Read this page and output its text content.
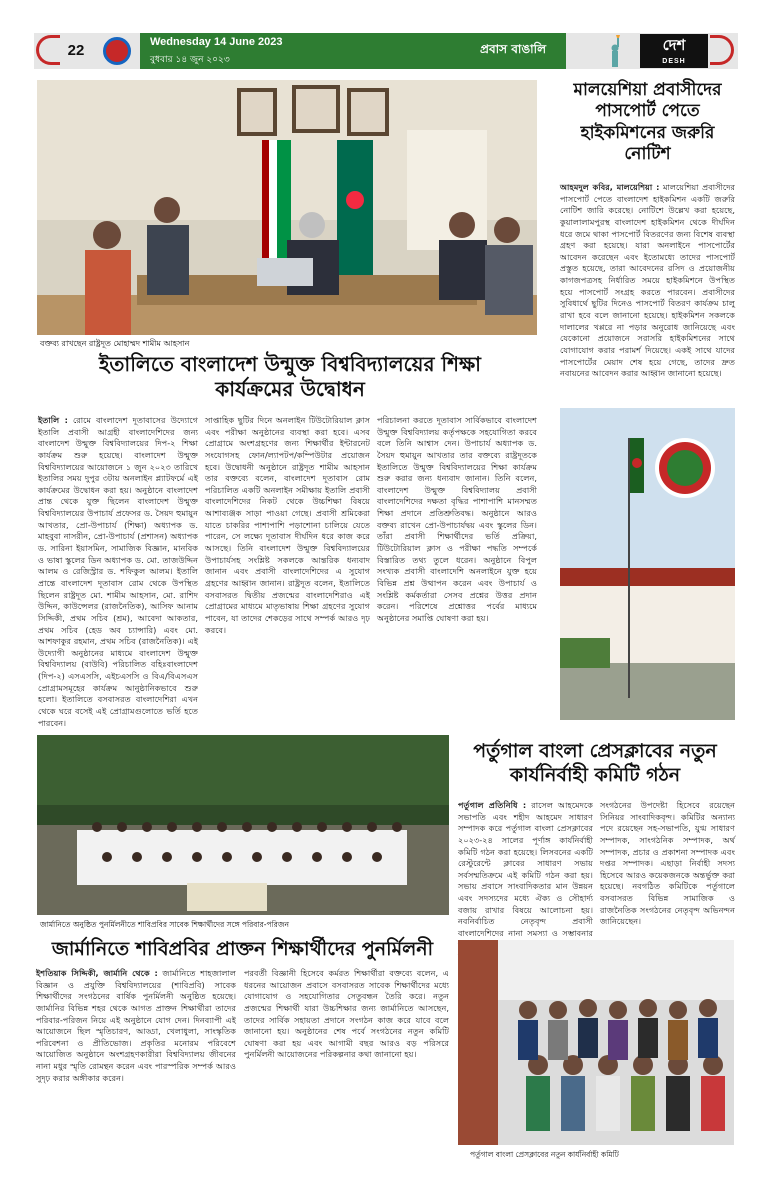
22	Wednesday 14 June 2023
বুধবার ১৪ জুন ২০২৩
প্রবাস বাঙালি	দেশ
DESH
বক্তব্য রাখছেন রাষ্ট্রদূত মোহাম্মদ শামীম আহসান
ইতালিতে বাংলাদেশ উন্মুক্ত বিশ্ববিদ্যালয়ের শিক্ষা কার্যক্রমের উদ্বোধন
ইতালি : রোমে বাংলাদেশ দূতাবাসের উদ্যোগে ইতালি প্রবাসী আগ্রহী বাংলাদেশিদের জন্য বাংলাদেশ উন্মুক্ত বিশ্ববিদ্যালয়ের দিপ-২ শিক্ষা কার্যক্রম শুরু হয়েছে। বাংলাদেশ উন্মুক্ত বিশ্ববিদ্যালয়ের আয়োজনে ১ জুন ২০২৩ তারিখে ইতালির সময় দুপুর ৩টায় অনলাইন প্ল্যাটফর্মে এই কার্যক্রমের উদ্বোধন করা হয়। অনুষ্ঠানে বাংলাদেশ প্রান্ত থেকে যুক্ত ছিলেন বাংলাদেশ উন্মুক্ত বিশ্ববিদ্যালয়ের উপাচার্য প্রফেসর ড. সৈয়দ হুমায়ুন আখতার, প্রো-উপাচার্য (শিক্ষা) অধ্যাপক ড. মাহবুবা নাসরীন, প্রো-উপাচার্য (প্রশাসন) অধ্যাপক ড. সারিনা ইয়াসমিন, সামাজিক বিজ্ঞান, মানবিক ও ভাষা স্কুলের ডিন অধ্যাপক ড. মো. তাজউদ্দিন আলম ও রেজিস্ট্রার ড. শফিকুল আলম। ইতালি প্রান্তে বাংলাদেশ দূতাবাস রোম থেকে উপস্থিত ছিলেন রাষ্ট্রদূত মো. শামীম আহসান, মো. রাশিদ উদ্দিন, কাউন্সেলর (রাজনৈতিক), আসিফ আনাম সিদ্দিকী, প্রথম সচিব (শ্রম), আবেদা আকতার, প্রথম সচিব (হেড অব চ্যান্সারি) এবং মো. আশফাকুর রহমান, প্রথম সচিব (রাজনৈতিক)। এই উদ্যোগী অনুষ্ঠানের মাধ্যমে বাংলাদেশ উন্মুক্ত বিশ্ববিদ্যালয় (বাউবি) পরিচালিত বহিঃবাংলাদেশ (দিপ-২) এসএসসি, এইচএসসি ও বিএ/বিএসএস প্রোগ্রামসমূহের কার্যক্রম আনুষ্ঠানিকভাবে শুরু হলো। ইতালিতে বসবাসরত বাংলাদেশিরা এখন থেকে ঘরে বসেই এই প্রোগ্রামগুলোতে ভর্তি হতে পারবেন।
সাপ্তাহিক ছুটির দিনে অনলাইন টিউটোরিয়াল ক্লাস এবং পরীক্ষা অনুষ্ঠানের ব্যবস্থা করা হবে। এসব প্রোগ্রামে অংশগ্রহণের জন্য শিক্ষার্থীর ইন্টারনেট সংযোগসহ ফোন/ল্যাপটপ/কম্পিউটার প্রয়োজন হবে। উদ্বোধনী অনুষ্ঠানে রাষ্ট্রদূত শামীম আহসান তার বক্তব্যে বলেন, বাংলাদেশ দূতাবাস রোম পরিচালিত একটি অনলাইন সমীক্ষায় ইতালি প্রবাসী বাংলাদেশিদের নিকট থেকে উচ্চশিক্ষা বিষয়ে আশাব্যঞ্জক সাড়া পাওয়া গেছে। প্রবাসী শ্রমিকেরা যাতে চাকরির পাশাপাশি পড়াশোনা চালিয়ে যেতে পারেন, সে লক্ষ্যে দূতাবাস দীর্ঘদিন ধরে কাজ করে আসছে। তিনি বাংলাদেশ উন্মুক্ত বিশ্ববিদ্যালয়ের উপাচার্যসহ সংশ্লিষ্ট সকলকে আন্তরিক ধন্যবাদ জানান এবং প্রবাসী বাংলাদেশিদের এ সুযোগ গ্রহণের আহ্বান জানান। রাষ্ট্রদূত বলেন, ইতালিতে বসবাসরত দ্বিতীয় প্রজন্মের বাংলাদেশিরাও এই প্রোগ্রামের মাধ্যমে মাতৃভাষায় শিক্ষা গ্রহণের সুযোগ পাবেন, যা তাদের শেকড়ের সাথে সম্পর্ক আরও দৃঢ় করবে।
পরিচালনা করতে দূতাবাস সার্বিকভাবে বাংলাদেশ উন্মুক্ত বিশ্ববিদ্যালয় কর্তৃপক্ষকে সহযোগিতা করবে বলে তিনি আশ্বাস দেন। উপাচার্য অধ্যাপক ড. সৈয়দ হুমায়ুন আখতার তার বক্তব্যে রাষ্ট্রদূতকে ইতালিতে উন্মুক্ত বিশ্ববিদ্যালয়ের শিক্ষা কার্যক্রম শুরু করার জন্য ধন্যবাদ জানান। তিনি বলেন, বাংলাদেশ উন্মুক্ত বিশ্ববিদ্যালয় প্রবাসী বাংলাদেশিদের দক্ষতা বৃদ্ধির পাশাপাশি মানসম্মত শিক্ষা প্রদানে প্রতিশ্রুতিবদ্ধ। অনুষ্ঠানে আরও বক্তব্য রাখেন প্রো-উপাচার্যদ্বয় এবং স্কুলের ডিন। তাঁরা প্রবাসী শিক্ষার্থীদের ভর্তি প্রক্রিয়া, টিউটোরিয়াল ক্লাস ও পরীক্ষা পদ্ধতি সম্পর্কে বিস্তারিত তথ্য তুলে ধরেন। অনুষ্ঠানে বিপুল সংখ্যক প্রবাসী বাংলাদেশি অনলাইনে যুক্ত হয়ে বিভিন্ন প্রশ্ন উত্থাপন করেন এবং উপাচার্য ও সংশ্লিষ্ট কর্মকর্তারা সেসব প্রশ্নের উত্তর প্রদান করেন। পরিশেষে প্রশ্নোত্তর পর্বের মাধ্যমে অনুষ্ঠানের সমাপ্তি ঘোষণা করা হয়।
মালয়েশিয়া প্রবাসীদের পাসপোর্ট পেতে হাইকমিশনের জরুরি নোটিশ
আহমদুল কবির, মালয়েশিয়া : মালয়েশিয়া প্রবাসীদের পাসপোর্ট পেতে বাংলাদেশ হাইকমিশন একটি জরুরি নোটিশ জারি করেছে। নোটিশে উল্লেখ করা হয়েছে, কুয়ালালামপুরস্থ বাংলাদেশ হাইকমিশন থেকে দীর্ঘদিন ধরে জমে থাকা পাসপোর্ট বিতরণের জন্য বিশেষ ব্যবস্থা গ্রহণ করা হয়েছে। যারা অনলাইনে পাসপোর্টের আবেদন করেছেন এবং ইতোমধ্যে তাদের পাসপোর্ট প্রস্তুত হয়েছে, তারা আবেদনের রসিদ ও প্রয়োজনীয় কাগজপত্রসহ নির্ধারিত সময়ে হাইকমিশনে উপস্থিত হয়ে পাসপোর্ট সংগ্রহ করতে পারবেন। প্রবাসীদের সুবিধার্থে ছুটির দিনেও পাসপোর্ট বিতরণ কার্যক্রম চালু রাখা হবে বলে জানানো হয়েছে। হাইকমিশন সকলকে দালালের খপ্পরে না পড়ার অনুরোধ জানিয়েছে এবং যেকোনো প্রয়োজনে সরাসরি হাইকমিশনের সাথে যোগাযোগ করার পরামর্শ দিয়েছে। একই সাথে যাদের পাসপোর্টের মেয়াদ শেষ হয়ে গেছে, তাদের দ্রুত নবায়নের আবেদন করার আহ্বান জানানো হয়েছে।
জার্মানিতে অনুষ্ঠিত পুনর্মিলনীতে শাবিপ্রবির সাবেক শিক্ষার্থীদের সঙ্গে পরিবার-পরিজন
পর্তুগাল বাংলা প্রেসক্লাবের নতুন কার্যনির্বাহী কমিটি গঠন
পর্তুগাল প্রতিনিধি : রাসেল আহমেদকে সভাপতি এবং শহীদ আহমেদ সাধারণ সম্পাদক করে পর্তুগাল বাংলা প্রেসক্লাবের ২০২৩-২৪ সালের পূর্ণাঙ্গ কার্যনির্বাহী কমিটি গঠন করা হয়েছে। লিসবনের একটি রেস্টুরেন্টে ক্লাবের সাধারণ সভায় সর্বসম্মতিক্রমে এই কমিটি গঠন করা হয়। সভায় প্রবাসে সাংবাদিকতার মান উন্নয়ন এবং সদস্যদের মধ্যে ঐক্য ও সৌহার্দ্য বজায় রাখার বিষয়ে আলোচনা হয়। নবনির্বাচিত নেতৃবৃন্দ প্রবাসী বাংলাদেশিদের নানা সমস্যা ও সম্ভাবনার
সংগঠনের উপদেষ্টা হিসেবে রয়েছেন সিনিয়র সাংবাদিকবৃন্দ। কমিটির অন্যান্য পদে রয়েছেন সহ-সভাপতি, যুগ্ম সাধারণ সম্পাদক, সাংগঠনিক সম্পাদক, অর্থ সম্পাদক, প্রচার ও প্রকাশনা সম্পাদক এবং দপ্তর সম্পাদক। এছাড়া নির্বাহী সদস্য হিসেবে আরও কয়েকজনকে অন্তর্ভুক্ত করা হয়েছে। নবগঠিত কমিটিকে পর্তুগালে বসবাসরত বিভিন্ন সামাজিক ও রাজনৈতিক সংগঠনের নেতৃবৃন্দ অভিনন্দন জানিয়েছেন।
জার্মানিতে শাবিপ্রবির প্রাক্তন শিক্ষার্থীদের পুনর্মিলনী
ইশতিয়াক সিদ্দিকী, জার্মানি থেকে : জার্মানিতে শাহজালাল বিজ্ঞান ও প্রযুক্তি বিশ্ববিদ্যালয়ের (শাবিপ্রবি) সাবেক শিক্ষার্থীদের সংগঠনের বার্ষিক পুনর্মিলনী অনুষ্ঠিত হয়েছে। জার্মানির বিভিন্ন শহর থেকে আগত প্রাক্তন শিক্ষার্থীরা তাদের পরিবার-পরিজন নিয়ে এই অনুষ্ঠানে যোগ দেন। দিনব্যাপী এই আয়োজনে ছিল স্মৃতিচারণ, আড্ডা, খেলাধুলা, সাংস্কৃতিক পরিবেশনা ও প্রীতিভোজ। প্রকৃতির মনোরম পরিবেশে আয়োজিত অনুষ্ঠানে অংশগ্রহণকারীরা বিশ্ববিদ্যালয় জীবনের নানা মধুর স্মৃতি রোমন্থন করেন এবং পারস্পরিক সম্পর্ক আরও সুদৃঢ় করার অঙ্গীকার করেন।
পরবর্তী বিজ্ঞানী হিসেবে কর্মরত শিক্ষার্থীরা বক্তব্যে বলেন, এ ধরনের আয়োজন প্রবাসে বসবাসরত সাবেক শিক্ষার্থীদের মধ্যে যোগাযোগ ও সহযোগিতার সেতুবন্ধন তৈরি করে। নতুন প্রজন্মের শিক্ষার্থী যারা উচ্চশিক্ষার জন্য জার্মানিতে আসছেন, তাদের সার্বিক সহায়তা প্রদানে সংগঠন কাজ করে যাবে বলে জানানো হয়। অনুষ্ঠানের শেষ পর্বে সংগঠনের নতুন কমিটি ঘোষণা করা হয় এবং আগামী বছর আরও বড় পরিসরে পুনর্মিলনী আয়োজনের পরিকল্পনার কথা জানানো হয়।
পর্তুগাল বাংলা প্রেসক্লাবের নতুন কার্যনির্বাহী কমিটি
